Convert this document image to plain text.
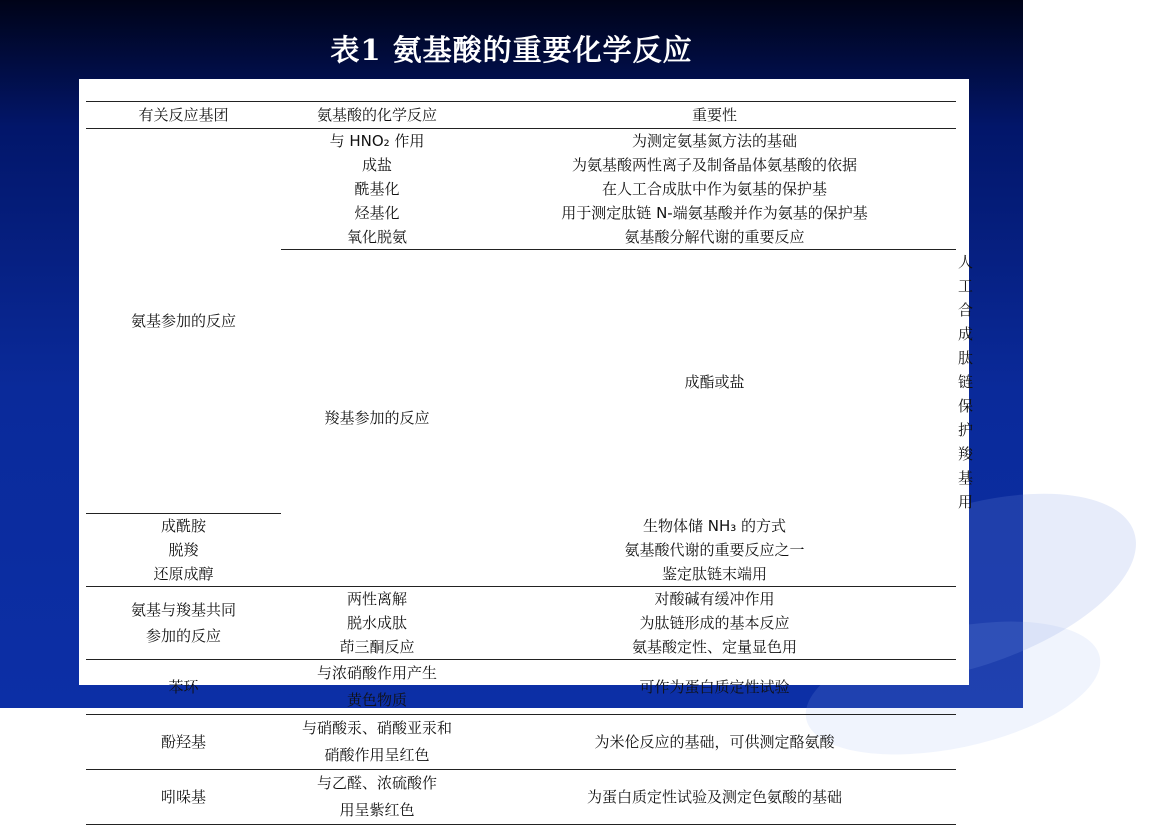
表1 氨基酸的重要化学反应
有关反应基团	氨基酸的化学反应	重要性	
氨基参加的反应	与 HNO₂ 作用	为测定氨基氮方法的基础	
	成盐	为氨基酸两性离子及制备晶体氨基酸的依据	
	酰基化	在人工合成肽中作为氨基的保护基	
	烃基化	用于测定肽链 N-端氨基酸并作为氨基的保护基	
	氧化脱氨	氨基酸分解代谢的重要反应	
	羧基参加的反应	成酯或盐	人工合成肽链保护羧基用
成酰胺		生物体储 NH₃ 的方式	
脱羧		氨基酸代谢的重要反应之一	
还原成醇		鉴定肽链末端用	
氨基与羧基共同参加的反应	两性离解	对酸碱有缓冲作用	
	脱水成肽	为肽链形成的基本反应	
	茚三酮反应	氨基酸定性、定量显色用	
苯环	与浓硝酸作用产生黄色物质	可作为蛋白质定性试验	
酚羟基	与硝酸汞、硝酸亚汞和硝酸作用呈红色	为米伦反应的基础，可供测定酪氨酸	
吲哚基	与乙醛、浓硫酸作用呈紫红色	为蛋白质定性试验及测定色氨酸的基础	
